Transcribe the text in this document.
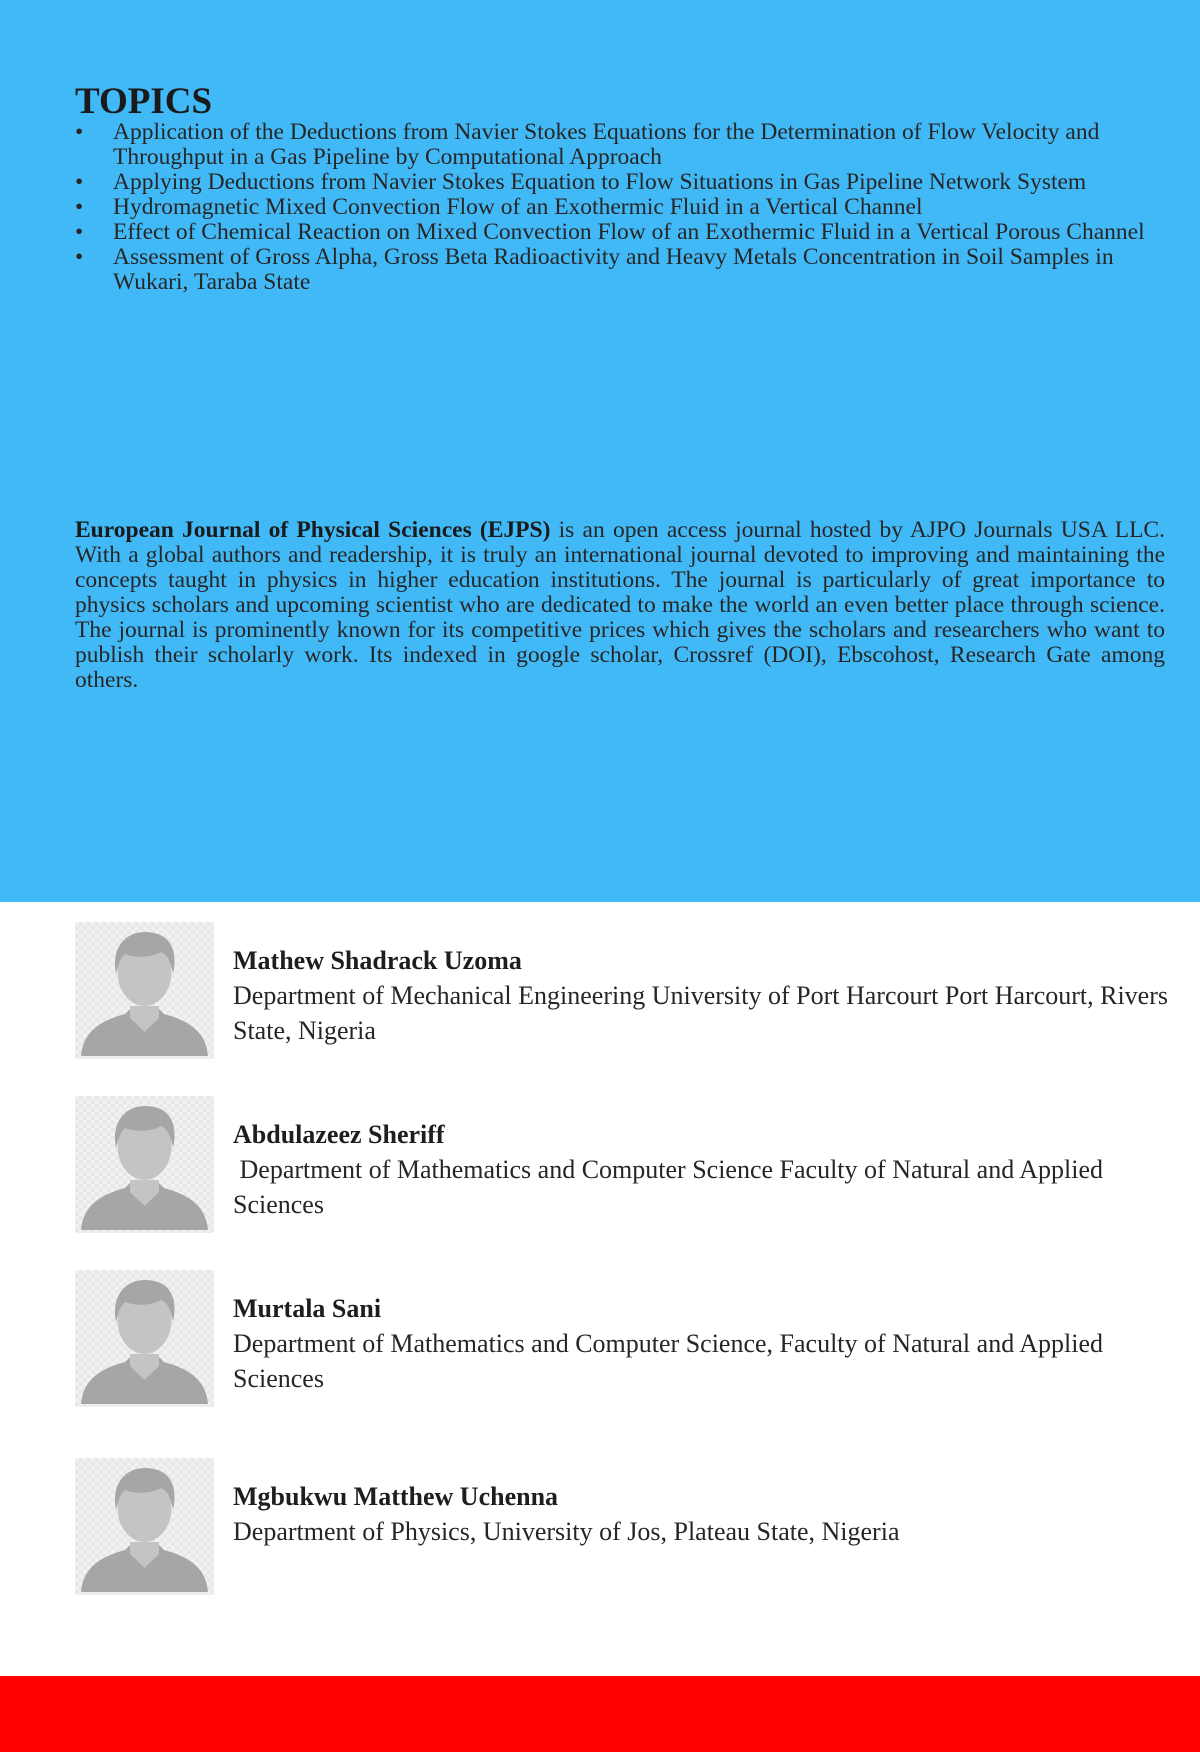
TOPICS
• Application of the Deductions from Navier Stokes Equations for the Determination of Flow Velocity and Throughput in a Gas Pipeline by Computational Approach
• Applying Deductions from Navier Stokes Equation to Flow Situations in Gas Pipeline Network System
• Hydromagnetic Mixed Convection Flow of an Exothermic Fluid in a Vertical Channel
• Effect of Chemical Reaction on Mixed Convection Flow of an Exothermic Fluid in a Vertical Porous Channel
• Assessment of Gross Alpha, Gross Beta Radioactivity and Heavy Metals Concentration in Soil Samples in Wukari, Taraba State

European Journal of Physical Sciences (EJPS) is an open access journal hosted by AJPO Journals USA LLC. With a global authors and readership, it is truly an international journal devoted to improving and maintaining the concepts taught in physics in higher education institutions. The journal is particularly of great importance to physics scholars and upcoming scientist who are dedicated to make the world an even better place through science. The journal is prominently known for its competitive prices which gives the scholars and researchers who want to publish their scholarly work. Its indexed in google scholar, Crossref (DOI), Ebscohost, Research Gate among others.

Mathew Shadrack Uzoma
Department of Mechanical Engineering University of Port Harcourt Port Harcourt, Rivers State, Nigeria
Abdulazeez Sheriff
Department of Mathematics and Computer Science Faculty of Natural and Applied Sciences
Murtala Sani
Department of Mathematics and Computer Science, Faculty of Natural and Applied Sciences
Mgbukwu Matthew Uchenna
Department of Physics, University of Jos, Plateau State, Nigeria
